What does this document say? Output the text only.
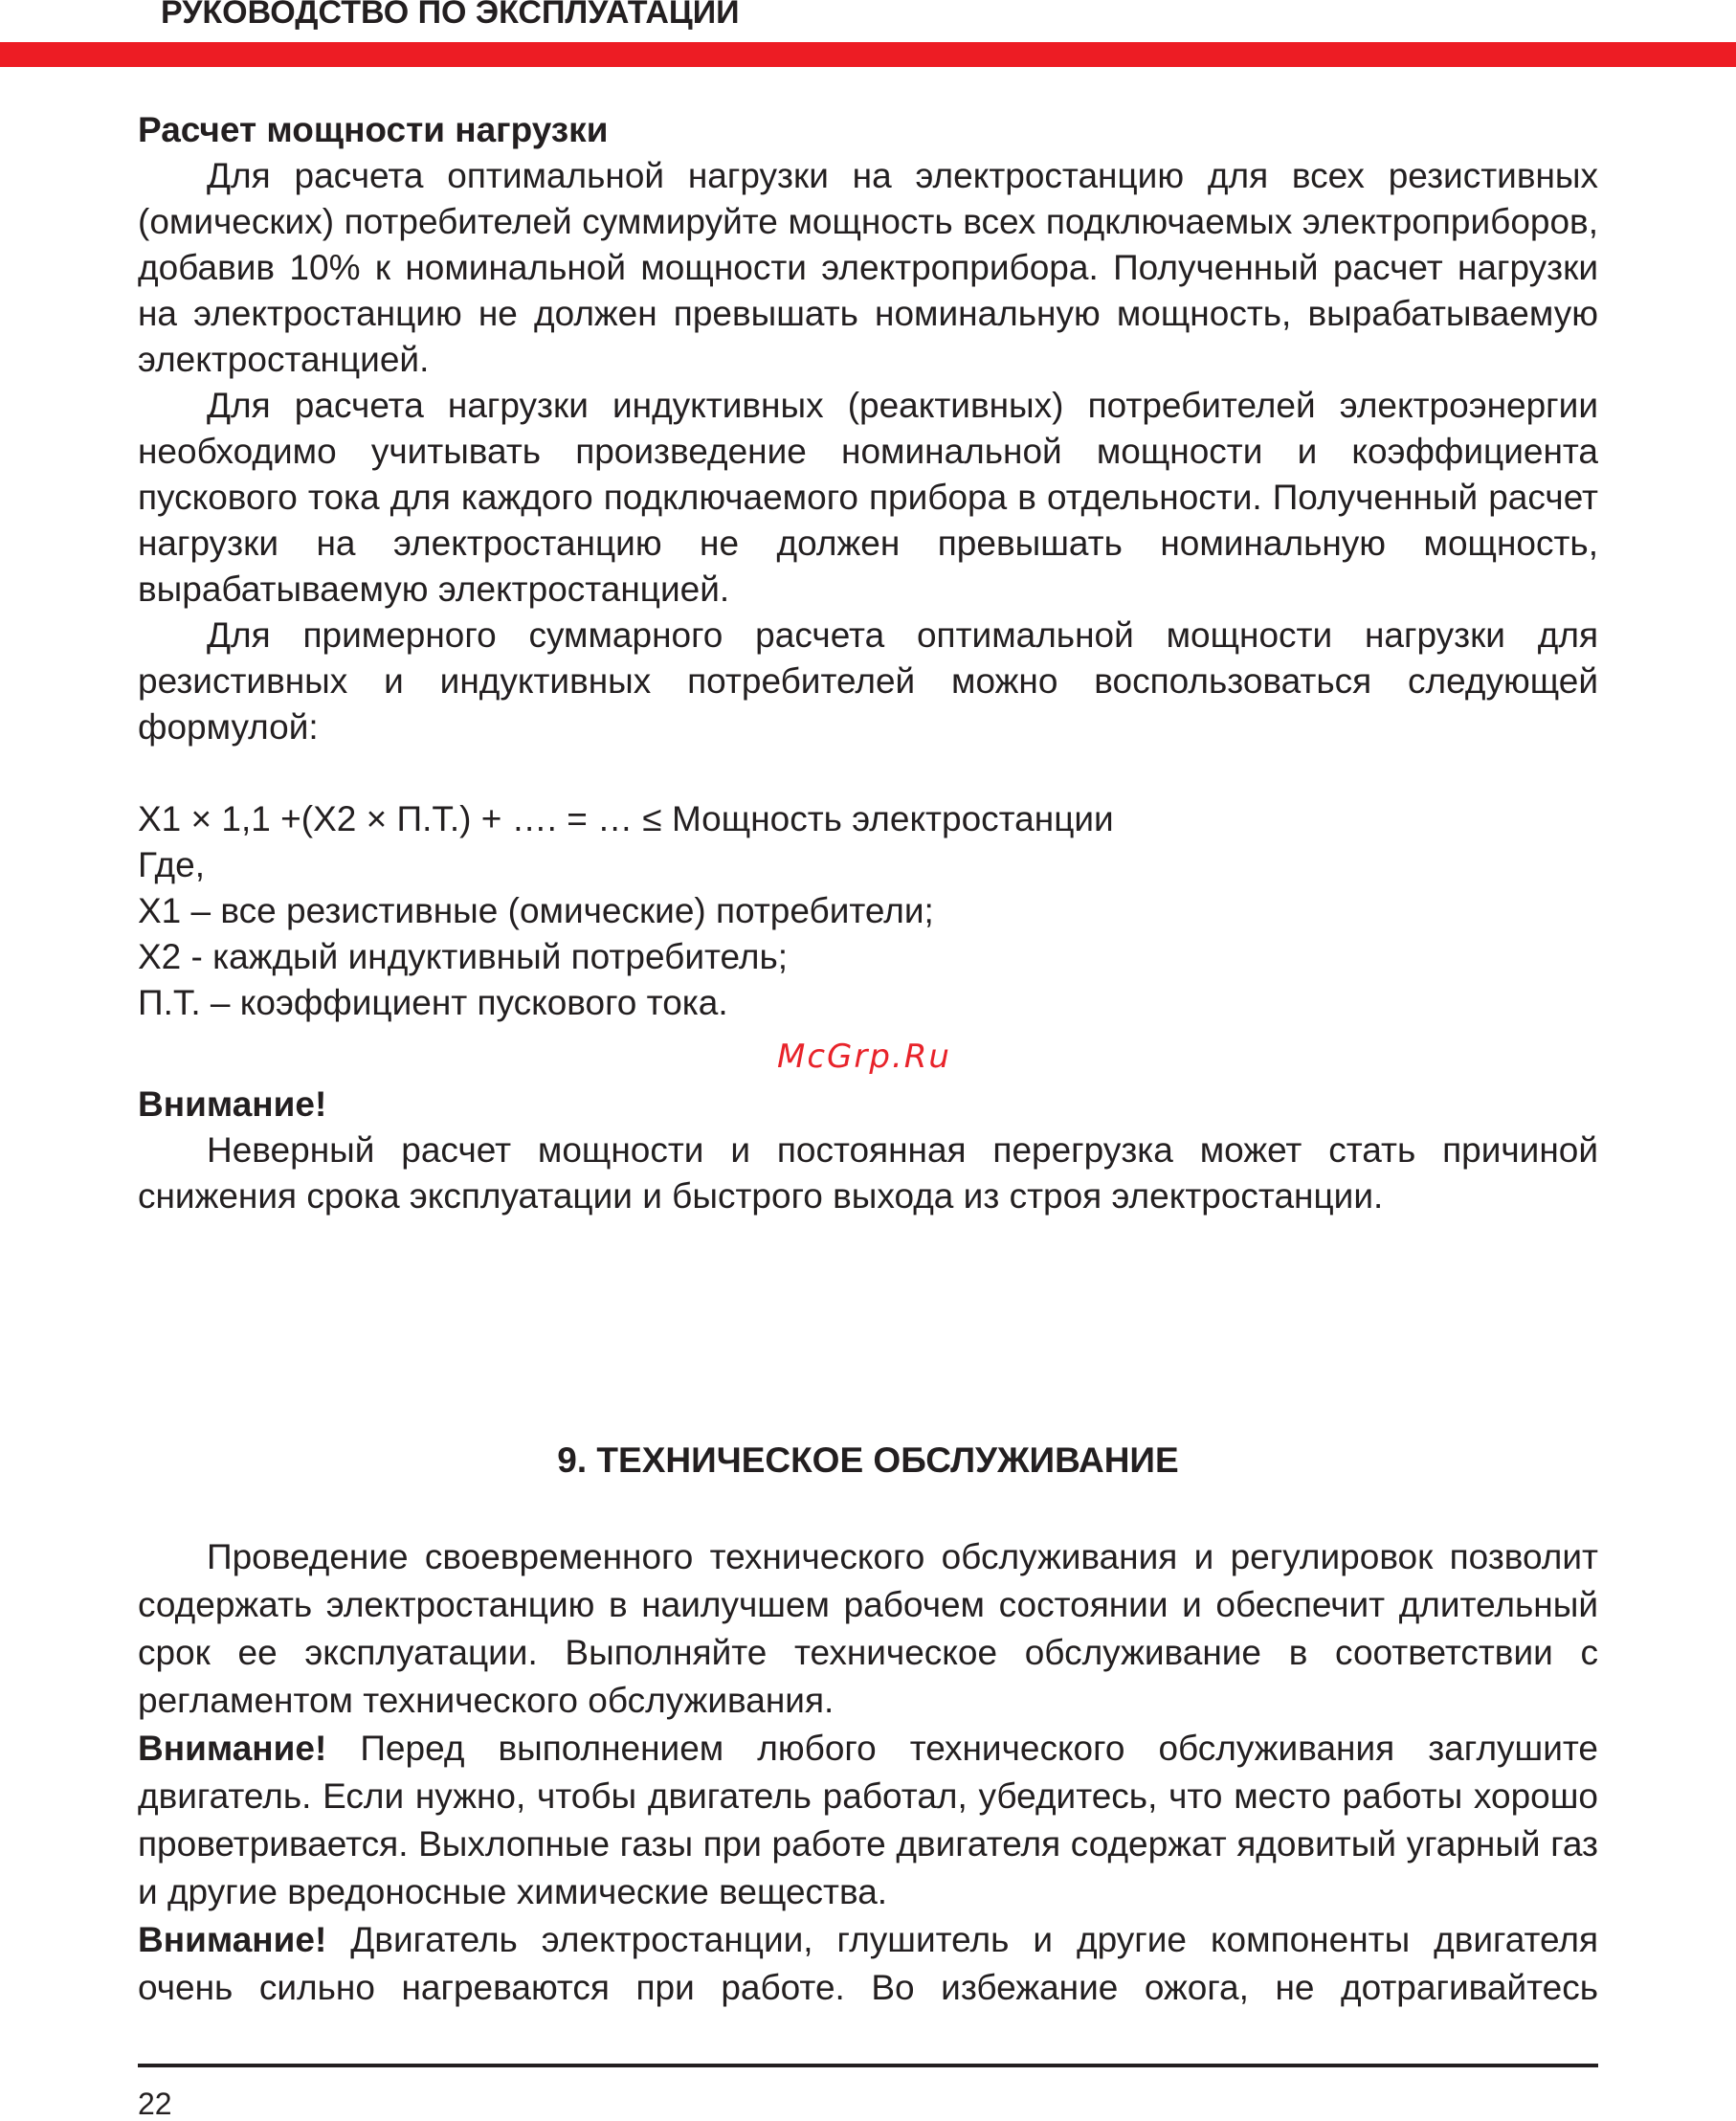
РУКОВОДСТВО ПО ЭКСПЛУАТАЦИИ

Расчет мощности нагрузки

Для расчета оптимальной нагрузки на электростанцию для всех резистивных (омических) потребителей суммируйте мощность всех подключаемых электроприборов, добавив 10% к номинальной мощности электроприбора. Полученный расчет нагрузки на электростанцию не должен превышать номинальную мощность, вырабатываемую электростанцией.

Для расчета нагрузки индуктивных (реактивных) потребителей электроэнергии необходимо учитывать произведение номинальной мощности и коэффициента пускового тока для каждого подключаемого прибора в отдельности. Полученный расчет нагрузки на электростанцию не должен превышать номинальную мощность, вырабатываемую электростанцией.

Для примерного суммарного расчета оптимальной мощности нагрузки для резистивных и индуктивных потребителей можно воспользоваться следующей формулой:

X1 × 1,1 +(X2 × П.Т.) + …. = … ≤ Мощность электростанции

Где,

X1 – все резистивные (омические) потребители;

X2 - каждый индуктивный потребитель;

П.Т. – коэффициент пускового тока.

Внимание!

Неверный расчет мощности и постоянная перегрузка может стать причиной снижения срока эксплуатации и быстрого выхода из строя электростанции.

McGrp.Ru
9. ТЕХНИЧЕСКОЕ ОБСЛУЖИВАНИЕ

Проведение своевременного технического обслуживания и регулировок позволит содержать электростанцию в наилучшем рабочем состоянии и обеспечит длительный срок ее эксплуатации. Выполняйте техническое обслуживание в соответствии с регламентом технического обслуживания.

Внимание! Перед выполнением любого технического обслуживания заглушите двигатель. Если нужно, чтобы двигатель работал, убедитесь, что место работы хорошо проветривается. Выхлопные газы при работе двигателя содержат ядовитый угарный газ и другие вредоносные химические вещества.

Внимание! Двигатель электростанции, глушитель и другие компоненты двигателя очень сильно нагреваются при работе. Во избежание ожога, не дотрагивайтесь

22
